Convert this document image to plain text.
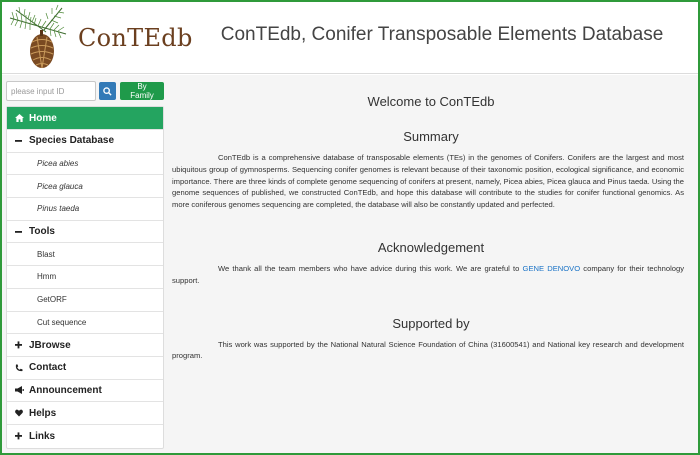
ConTEdb	ConTEdb, Conifer Transposable Elements Database
please input ID
By Family
Home
Species Database
Picea abies
Picea glauca
Pinus taeda
Tools
Blast
Hmm
GetORF
Cut sequence
JBrowse
Contact
Announcement
Helps
Links
Welcome to ConTEdb
Summary

ConTEdb is a comprehensive database of transposable elements (TEs) in the genomes of Conifers. Conifers are the largest and most ubiquitous group of gymnosperms. Sequencing conifer genomes is relevant because of their taxonomic position, ecological significance, and economic importance. There are three kinds of complete genome sequencing of conifers at present, namely, Picea abies, Picea glauca and Pinus taeda. Using the genome sequences of published, we constructed ConTEdb, and hope this database will contribute to the studies for conifer functional genomics. As more coniferous genomes sequencing are completed, the database will also be constantly updated and perfected.

Acknowledgement

We thank all the team members who have advice during this work. We are grateful to GENE DENOVO company for their technology support.

Supported by

This work was supported by the National Natural Science Foundation of China (31600541) and National key research and development program.
